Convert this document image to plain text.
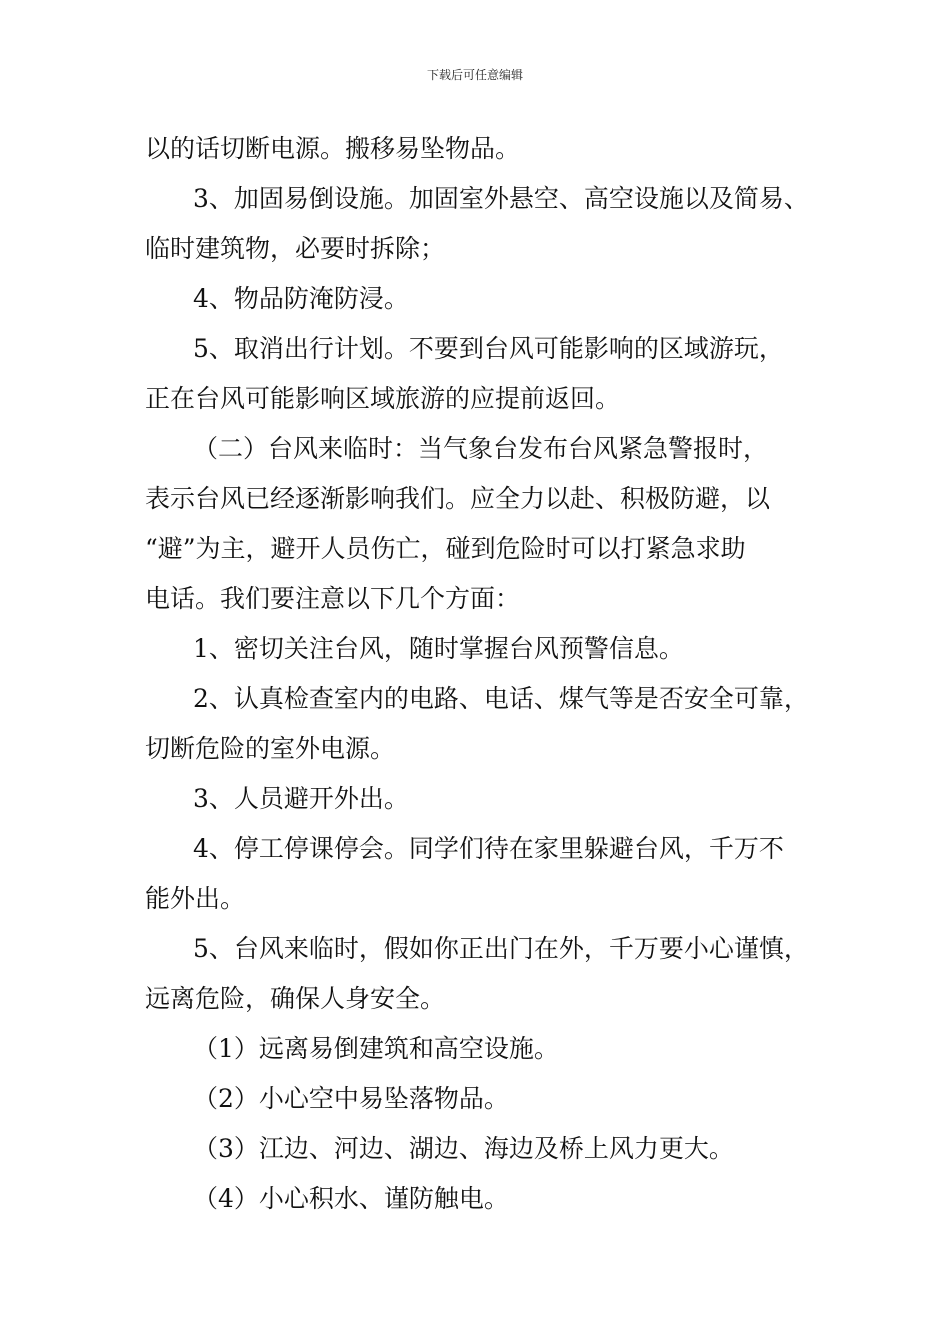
下载后可任意编辑
以的话切断电源。搬移易坠物品。
3、加固易倒设施。加固室外悬空、高空设施以及简易、
临时建筑物，必要时拆除；
4、物品防淹防浸。
5、取消出行计划。不要到台风可能影响的区域游玩，
正在台风可能影响区域旅游的应提前返回。
（二）台风来临时：当气象台发布台风紧急警报时，
表示台风已经逐渐影响我们。应全力以赴、积极防避，以
“避”为主，避开人员伤亡，碰到危险时可以打紧急求助
电话。我们要注意以下几个方面：
1、密切关注台风，随时掌握台风预警信息。
2、认真检查室内的电路、电话、煤气等是否安全可靠，
切断危险的室外电源。
3、人员避开外出。
4、停工停课停会。同学们待在家里躲避台风，千万不
能外出。
5、台风来临时，假如你正出门在外，千万要小心谨慎，
远离危险，确保人身安全。
（1）远离易倒建筑和高空设施。
（2）小心空中易坠落物品。
（3）江边、河边、湖边、海边及桥上风力更大。
（4）小心积水、谨防触电。
